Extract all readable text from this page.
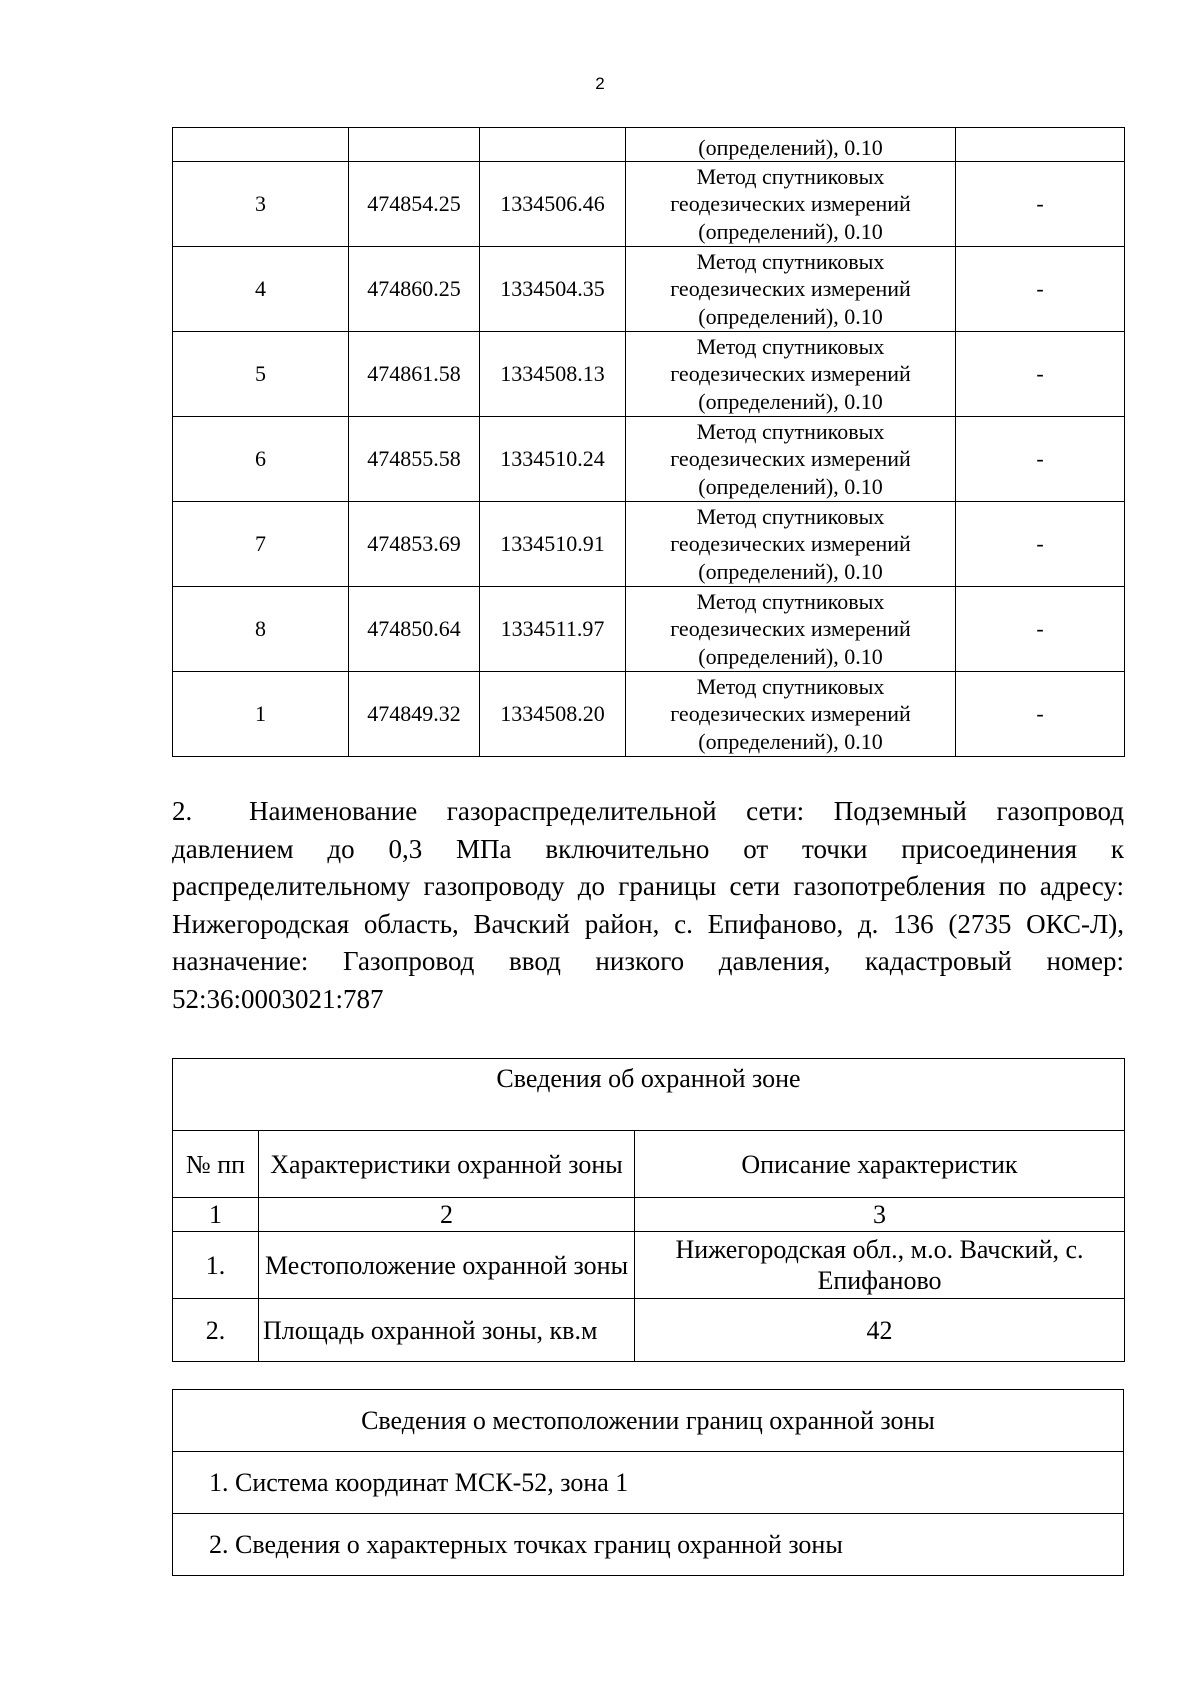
2
			(определений), 0.10	
3	474854.25	1334506.46	Метод спутниковых
геодезических измерений
(определений), 0.10	-
4	474860.25	1334504.35	Метод спутниковых
геодезических измерений
(определений), 0.10	-
5	474861.58	1334508.13	Метод спутниковых
геодезических измерений
(определений), 0.10	-
6	474855.58	1334510.24	Метод спутниковых
геодезических измерений
(определений), 0.10	-
7	474853.69	1334510.91	Метод спутниковых
геодезических измерений
(определений), 0.10	-
8	474850.64	1334511.97	Метод спутниковых
геодезических измерений
(определений), 0.10	-
1	474849.32	1334508.20	Метод спутниковых
геодезических измерений
(определений), 0.10	-

2. Наименование газораспределительной сети: Подземный газопровод давлением до 0,3 МПа включительно от точки присоединения к распределительному газопроводу до границы сети газопотребления по адресу: Нижегородская область, Вачский район, с. Епифаново, д. 136 (2735 ОКС-Л), назначение: Газопровод ввод низкого давления, кадастровый номер: 52:36:0003021:787

Сведения об охранной зоне		
№ пп	Характеристики охранной зоны	Описание характеристик
1	2	3
1.	Местоположение охранной зоны	Нижегородская обл., м.о. Вачский, с. Епифаново
2.	Площадь охранной зоны, кв.м	42
Сведения о местоположении границ охранной зоны
1. Система координат МСК-52, зона 1
2. Сведения о характерных точках границ охранной зоны
